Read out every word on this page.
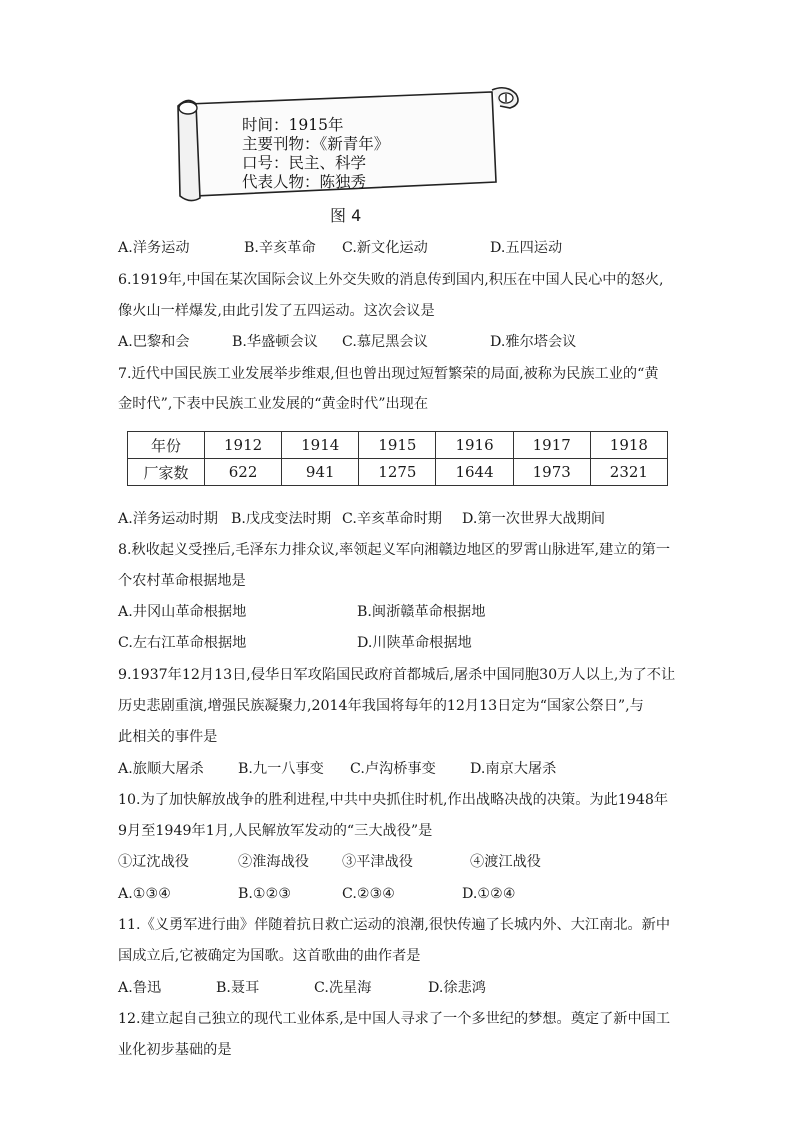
时间：1915年
主要刊物：《新青年》
口号：民主、科学
代表人物：陈独秀
图 4
A.洋务运动	B.辛亥革命 C.新文化运动	D.五四运动
6.1919年,中国在某次国际会议上外交失败的消息传到国内,积压在中国人民心中的怒火,
像火山一样爆发,由此引发了五四运动。这次会议是
A.巴黎和会	B.华盛顿会议 C.慕尼黑会议	D.雅尔塔会议
7.近代中国民族工业发展举步维艰,但也曾出现过短暂繁荣的局面,被称为民族工业的“黄
金时代”,下表中民族工业发展的“黄金时代”出现在
年份	1912	1914	1915	1916	1917	1918
厂家数	622	941	1275	1644	1973	2321
A.洋务运动时期 B.戊戌变法时期 C.辛亥革命时期 D.第一次世界大战期间
8.秋收起义受挫后,毛泽东力排众议,率领起义军向湘赣边地区的罗霄山脉进军,建立的第一
个农村革命根据地是
A.井冈山革命根据地	B.闽浙赣革命根据地
C.左右江革命根据地	D.川陕革命根据地
9.1937年12月13日,侵华日军攻陷国民政府首都城后,屠杀中国同胞30万人以上,为了不让
历史悲剧重演,增强民族凝聚力,2014年我国将每年的12月13日定为“国家公祭日”,与
此相关的事件是
A.旅顺大屠杀 B.九一八事变 C.卢沟桥事变 D.南京大屠杀
10.为了加快解放战争的胜利进程,中共中央抓住时机,作出战略决战的决策。为此1948年
9月至1949年1月,人民解放军发动的“三大战役”是
①辽沈战役	②淮海战役 ③平津战役	④渡江战役
A.①③④	B.①②③	C.②③④	D.①②④
11.《义勇军进行曲》伴随着抗日救亡运动的浪潮,很快传遍了长城内外、大江南北。新中
国成立后,它被确定为国歌。这首歌曲的曲作者是
A.鲁迅	B.聂耳	C.冼星海	D.徐悲鸿
12.建立起自己独立的现代工业体系,是中国人寻求了一个多世纪的梦想。奠定了新中国工
业化初步基础的是
